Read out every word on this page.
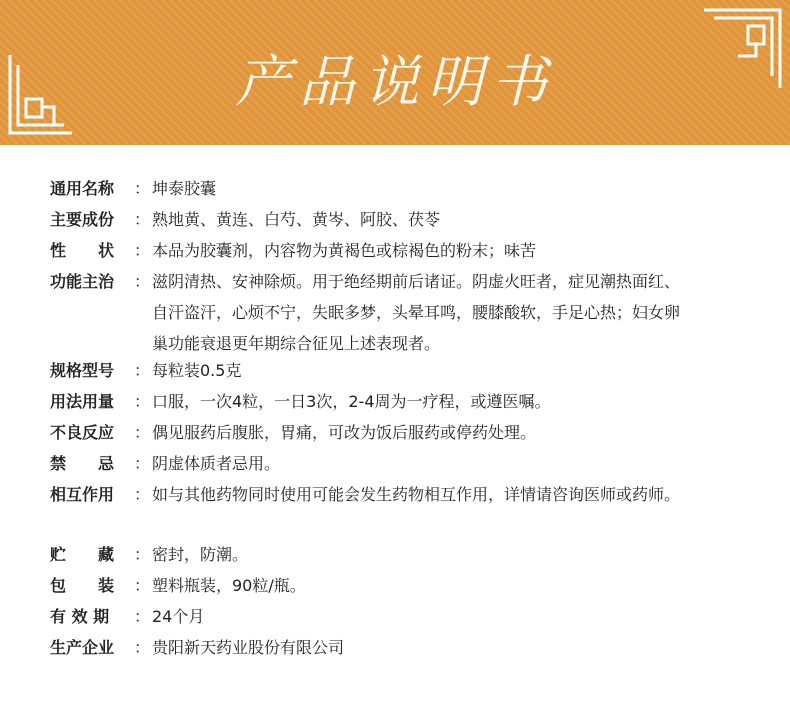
产品说明书
通用名称	： 坤泰胶囊
主要成份	： 熟地黄、黄连、白芍、黄岑、阿胶、茯苓
性　　状	： 本品为胶囊剂，内容物为黄褐色或棕褐色的粉末；味苦
功能主治	： 滋阴清热、安神除烦。用于绝经期前后诸证。阴虚火旺者，症见潮热面红、自汗盗汗，心烦不宁，失眠多梦，头晕耳鸣，腰膝酸软，手足心热；妇女卵巢功能衰退更年期综合征见上述表现者。
规格型号	： 每粒装0.5克
用法用量	： 口服，一次4粒，一日3次，2-4周为一疗程，或遵医嘱。
不良反应	： 偶见服药后腹胀，胃痛，可改为饭后服药或停药处理。
禁　　忌	： 阴虚体质者忌用。
相互作用	： 如与其他药物同时使用可能会发生药物相互作用，详情请咨询医师或药师。
贮　　藏	： 密封，防潮。
包　　装	： 塑料瓶装，90粒/瓶。
有 效 期	： 24个月
生产企业	： 贵阳新天药业股份有限公司
